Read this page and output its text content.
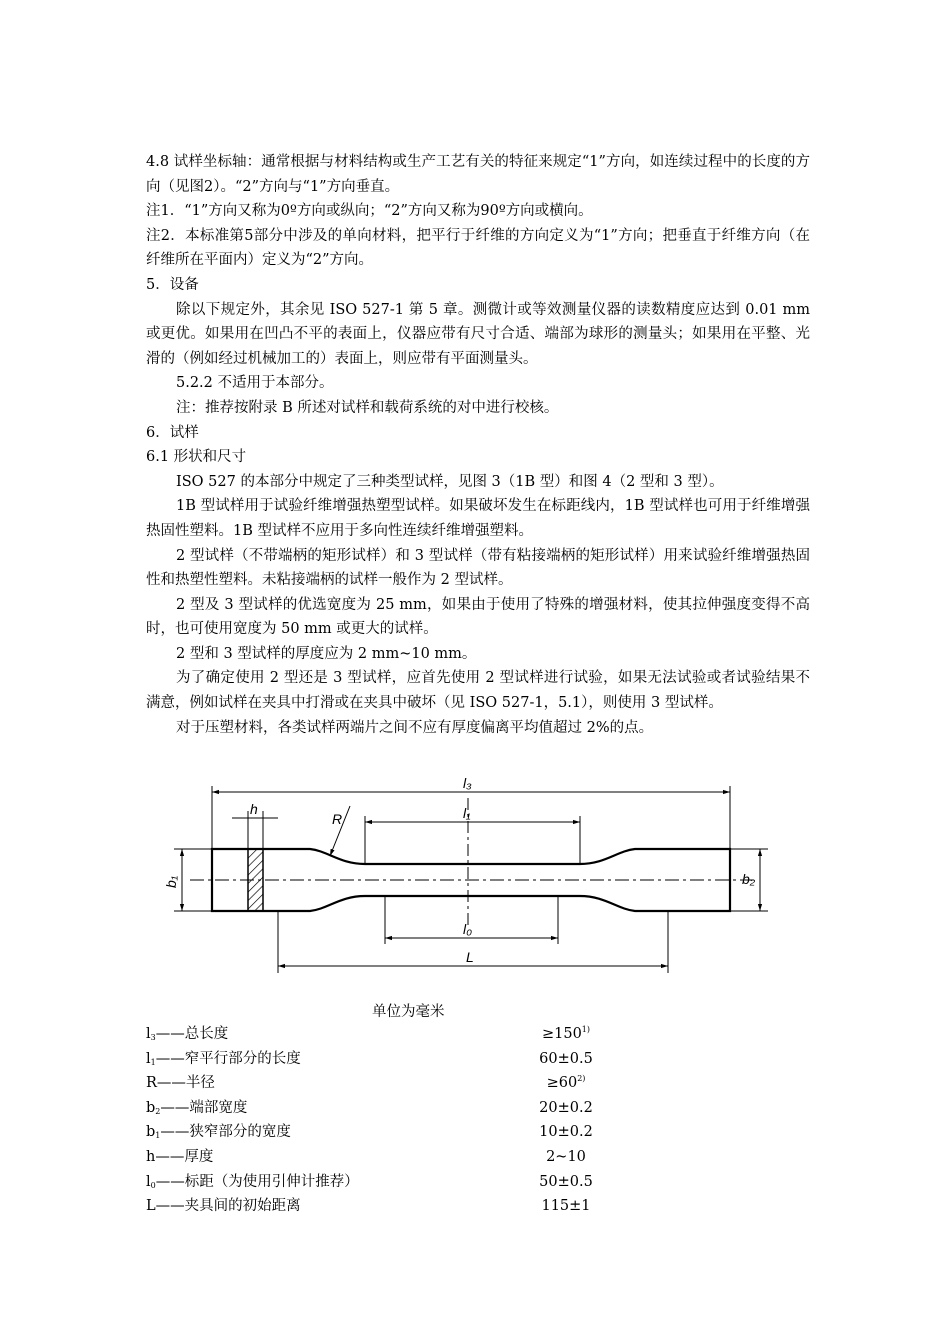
4.8 试样坐标轴：通常根据与材料结构或生产工艺有关的特征来规定“1”方向，如连续过程中的长度的方向（见图2）。“2”方向与“1”方向垂直。

注1．“1”方向又称为0º方向或纵向；“2”方向又称为90º方向或横向。

注2．本标准第5部分中涉及的单向材料，把平行于纤维的方向定义为“1”方向；把垂直于纤维方向（在纤维所在平面内）定义为“2”方向。

5．设备

除以下规定外，其余见 ISO 527-1 第 5 章。测微计或等效测量仪器的读数精度应达到 0.01 mm 或更优。如果用在凹凸不平的表面上，仪器应带有尺寸合适、端部为球形的测量头；如果用在平整、光滑的（例如经过机械加工的）表面上，则应带有平面测量头。

5.2.2 不适用于本部分。

注：推荐按附录 B 所述对试样和载荷系统的对中进行校核。

6．试样

6.1 形状和尺寸

ISO 527 的本部分中规定了三种类型试样，见图 3（1B 型）和图 4（2 型和 3 型）。

1B 型试样用于试验纤维增强热塑型试样。如果破坏发生在标距线内，1B 型试样也可用于纤维增强热固性塑料。1B 型试样不应用于多向性连续纤维增强塑料。

2 型试样（不带端柄的矩形试样）和 3 型试样（带有粘接端柄的矩形试样）用来试验纤维增强热固性和热塑性塑料。未粘接端柄的试样一般作为 2 型试样。

2 型及 3 型试样的优选宽度为 25 mm，如果由于使用了特殊的增强材料，使其拉伸强度变得不高时，也可使用宽度为 50 mm 或更大的试样。

2 型和 3 型试样的厚度应为 2 mm~10 mm。

为了确定使用 2 型还是 3 型试样，应首先使用 2 型试样进行试验，如果无法试验或者试验结果不满意，例如试样在夹具中打滑或在夹具中破坏（见 ISO 527-1，5.1），则使用 3 型试样。

对于压塑材料，各类试样两端片之间不应有厚度偏离平均值超过 2%的点。

l₃
l₁
l₀
L
R
h
b₁	b₂
单位为毫米
$l_3——$总长度	$\ge 150^{1)}$
$l_1——$窄平行部分的长度	60±0.5
R——半径	$\ge 60^{2)}$
$b_2——$端部宽度	20±0.2
$b_1——$狭窄部分的宽度	10±0.2
h——厚度	2~10
$l_0——$标距（为使用引伸计推荐）	50±0.5
L——夹具间的初始距离	115±1
